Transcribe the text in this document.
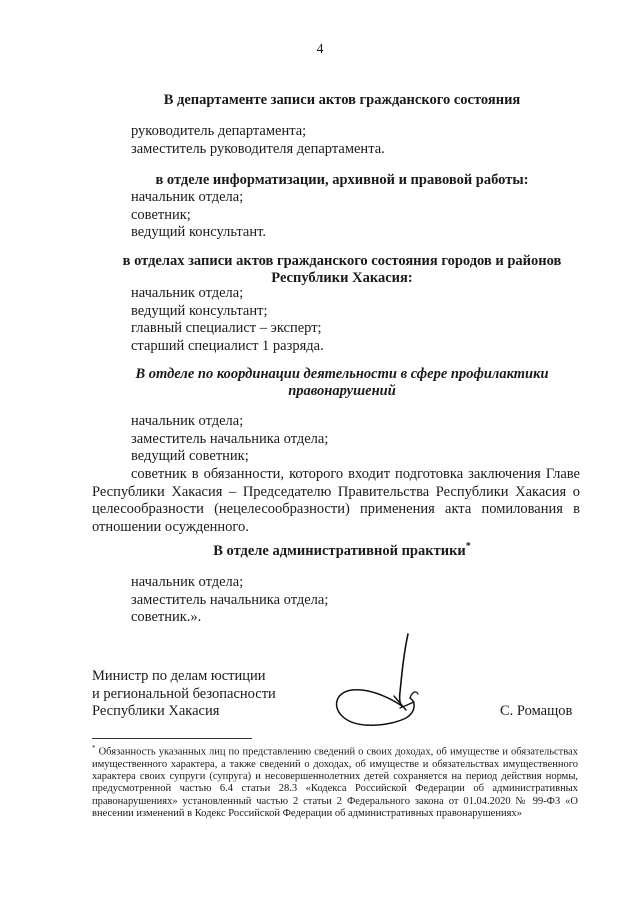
4
В департаменте записи актов гражданского состояния
руководитель департамента;
заместитель руководителя департамента.
в отделе информатизации, архивной и правовой работы:
начальник отдела;
советник;
ведущий консультант.
в отделах записи актов гражданского состояния городов и районов
Республики Хакасия:
начальник отдела;
ведущий консультант;
главный специалист – эксперт;
старший специалист 1 разряда.
В отделе по координации деятельности в сфере профилактики
правонарушений
начальник отдела;
заместитель начальника отдела;
ведущий советник;
советник в обязанности, которого входит подготовка заключения Главе Республики Хакасия – Председателю Правительства Республики Хакасия о целесообразности (нецелесообразности) применения акта помилования в отношении осужденного.
В отделе административной практики*
начальник отдела;
заместитель начальника отдела;
советник.».
Министр по делам юстиции
и региональной безопасности
Республики Хакасия	С. Ромащов
* Обязанность указанных лиц по представлению сведений о своих доходах, об имуществе и обязательствах имущественного характера, а также сведений о доходах, об имуществе и обязательствах имущественного характера своих супруги (супруга) и несовершеннолетних детей сохраняется на период действия нормы, предусмотренной частью 6.4 статьи 28.3 «Кодекса Российской Федерации об административных правонарушениях» установленный частью 2 статьи 2 Федерального закона от 01.04.2020 № 99-ФЗ «О внесении изменений в Кодекс Российской Федерации об административных правонарушениях»
